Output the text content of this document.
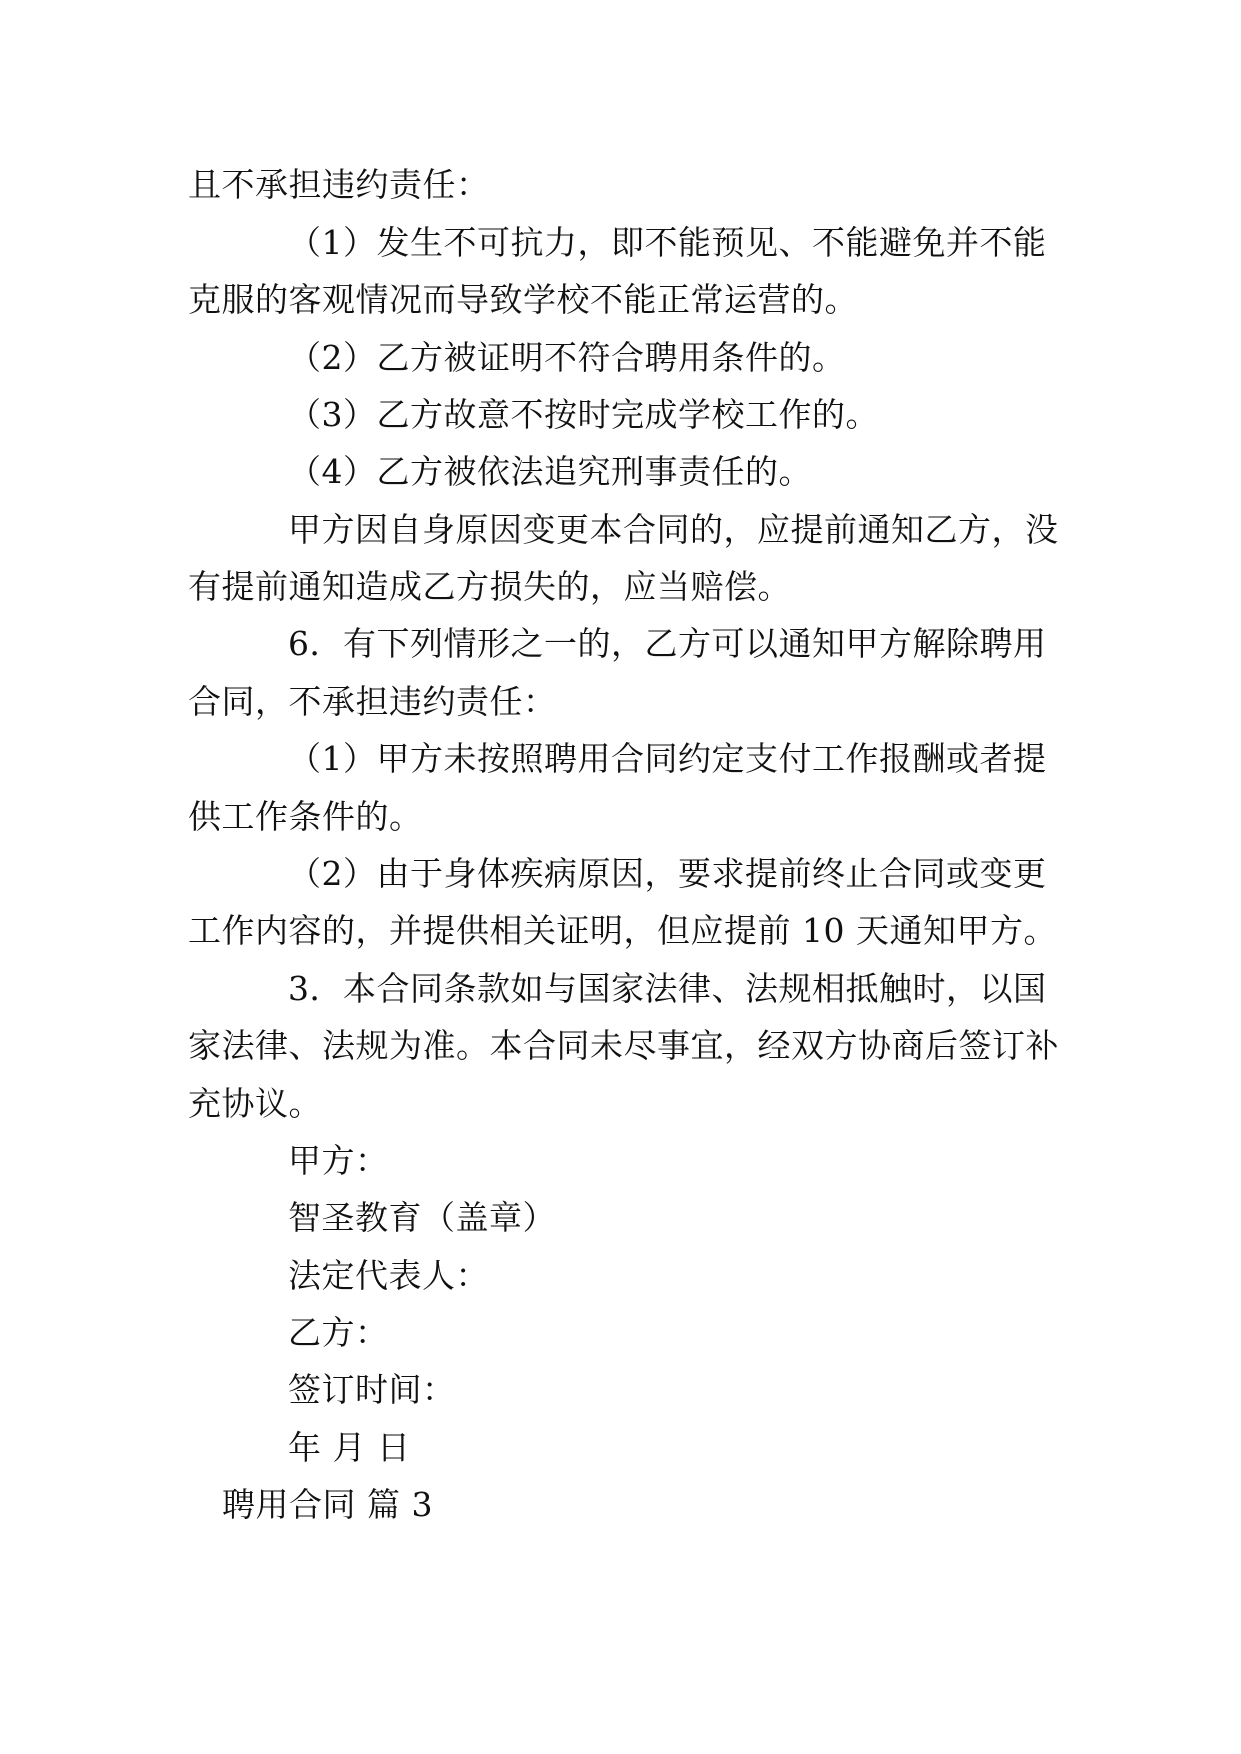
且不承担违约责任：
（1）发生不可抗力，即不能预见、不能避免并不能
克服的客观情况而导致学校不能正常运营的。
（2）乙方被证明不符合聘用条件的。
（3）乙方故意不按时完成学校工作的。
（4）乙方被依法追究刑事责任的。
甲方因自身原因变更本合同的，应提前通知乙方，没
有提前通知造成乙方损失的，应当赔偿。
6．有下列情形之一的，乙方可以通知甲方解除聘用
合同，不承担违约责任：
（1）甲方未按照聘用合同约定支付工作报酬或者提
供工作条件的。
（2）由于身体疾病原因，要求提前终止合同或变更
工作内容的，并提供相关证明，但应提前 10 天通知甲方。
3．本合同条款如与国家法律、法规相抵触时，以国
家法律、法规为准。本合同未尽事宜，经双方协商后签订补
充协议。
甲方：
智圣教育（盖章）
法定代表人：
乙方：
签订时间：
年 月 日
聘用合同 篇 3
